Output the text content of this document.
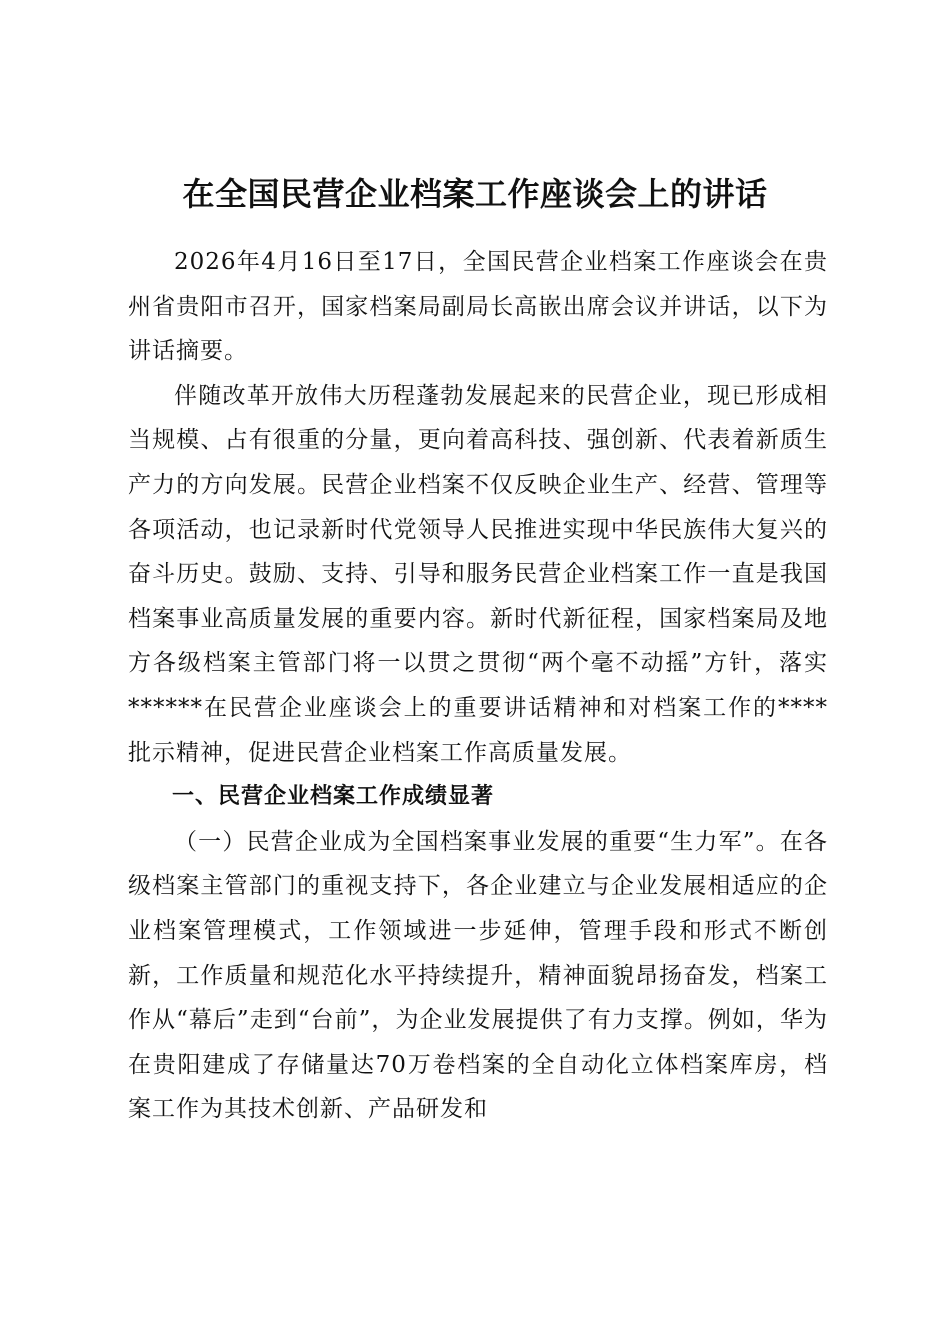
在全国民营企业档案工作座谈会上的讲话

2026年4月16日至17日，全国民营企业档案工作座谈会在贵州省贵阳市召开，国家档案局副局长高嵌出席会议并讲话，以下为讲话摘要。

伴随改革开放伟大历程蓬勃发展起来的民营企业，现已形成相当规模、占有很重的分量，更向着高科技、强创新、代表着新质生产力的方向发展。民营企业档案不仅反映企业生产、经营、管理等各项活动，也记录新时代党领导人民推进实现中华民族伟大复兴的奋斗历史。鼓励、支持、引导和服务民营企业档案工作一直是我国档案事业高质量发展的重要内容。新时代新征程，国家档案局及地方各级档案主管部门将一以贯之贯彻“两个毫不动摇”方针，落实******在民营企业座谈会上的重要讲话精神和对档案工作的****批示精神，促进民营企业档案工作高质量发展。

一、民营企业档案工作成绩显著

（一）民营企业成为全国档案事业发展的重要“生力军”。在各级档案主管部门的重视支持下，各企业建立与企业发展相适应的企业档案管理模式，工作领域进一步延伸，管理手段和形式不断创新，工作质量和规范化水平持续提升，精神面貌昂扬奋发，档案工作从“幕后”走到“台前”，为企业发展提供了有力支撑。例如，华为在贵阳建成了存储量达70万卷档案的全自动化立体档案库房，档案工作为其技术创新、产品研发和
